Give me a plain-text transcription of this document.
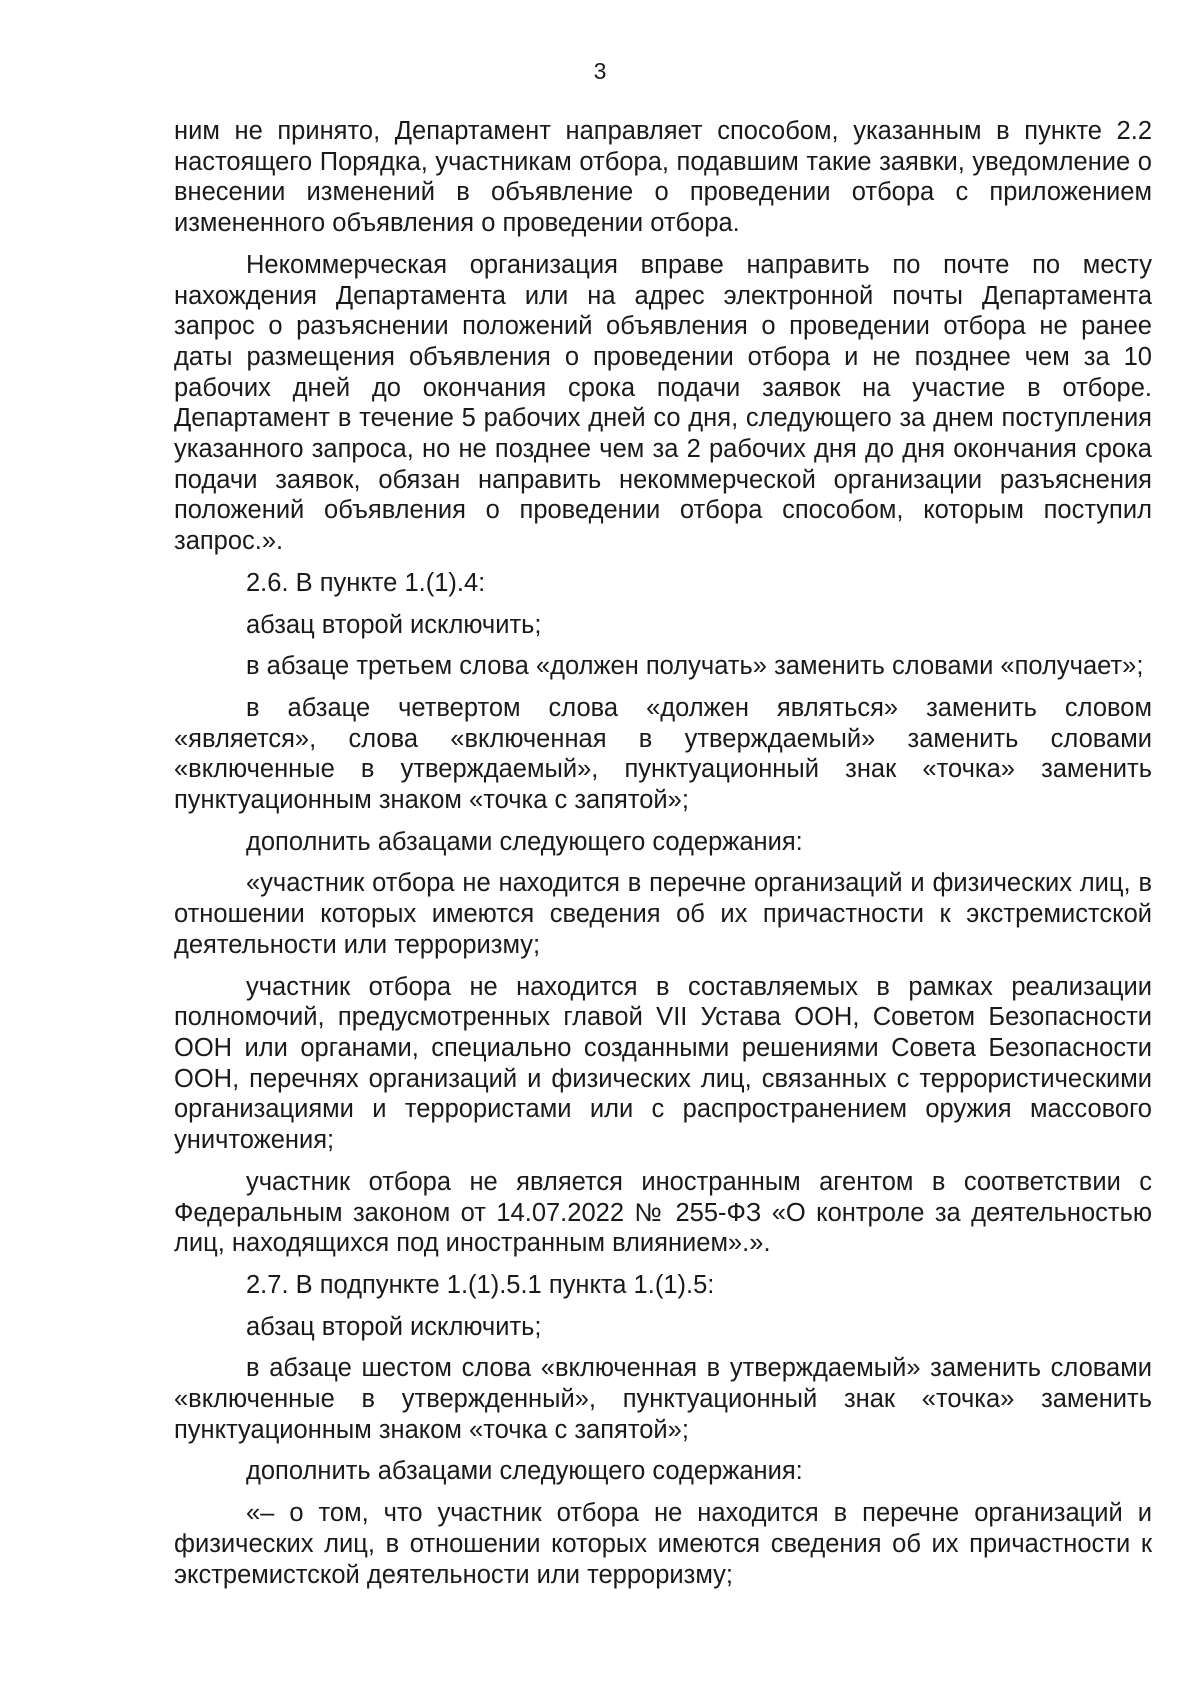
3

ним не принято, Департамент направляет способом, указанным в пункте 2.2 настоящего Порядка, участникам отбора, подавшим такие заявки, уведомление о внесении изменений в объявление о проведении отбора с приложением измененного объявления о проведении отбора.

Некоммерческая организация вправе направить по почте по месту нахождения Департамента или на адрес электронной почты Департамента запрос о разъяснении положений объявления о проведении отбора не ранее даты размещения объявления о проведении отбора и не позднее чем за 10 рабочих дней до окончания срока подачи заявок на участие в отборе. Департамент в течение 5 рабочих дней со дня, следующего за днем поступления указанного запроса, но не позднее чем за 2 рабочих дня до дня окончания срока подачи заявок, обязан направить некоммерческой организации разъяснения положений объявления о проведении отбора способом, которым поступил запрос.».

2.6. В пункте 1.(1).4:

абзац второй исключить;

в абзаце третьем слова «должен получать» заменить словами «получает»;

в абзаце четвертом слова «должен являться» заменить словом «является», слова «включенная в утверждаемый» заменить словами «включенные в утверждаемый», пунктуационный знак «точка» заменить пунктуационным знаком «точка с запятой»;

дополнить абзацами следующего содержания:

«участник отбора не находится в перечне организаций и физических лиц, в отношении которых имеются сведения об их причастности к экстремистской деятельности или терроризму;

участник отбора не находится в составляемых в рамках реализации полномочий, предусмотренных главой VII Устава ООН, Советом Безопасности ООН или органами, специально созданными решениями Совета Безопасности ООН, перечнях организаций и физических лиц, связанных с террористическими организациями и террористами или с распространением оружия массового уничтожения;

участник отбора не является иностранным агентом в соответствии с Федеральным законом от 14.07.2022 № 255-ФЗ «О контроле за деятельностью лиц, находящихся под иностранным влиянием».».

2.7. В подпункте 1.(1).5.1 пункта 1.(1).5:

абзац второй исключить;

в абзаце шестом слова «включенная в утверждаемый» заменить словами «включенные в утвержденный», пунктуационный знак «точка» заменить пунктуационным знаком «точка с запятой»;

дополнить абзацами следующего содержания:

«– о том, что участник отбора не находится в перечне организаций и физических лиц, в отношении которых имеются сведения об их причастности к экстремистской деятельности или терроризму;
